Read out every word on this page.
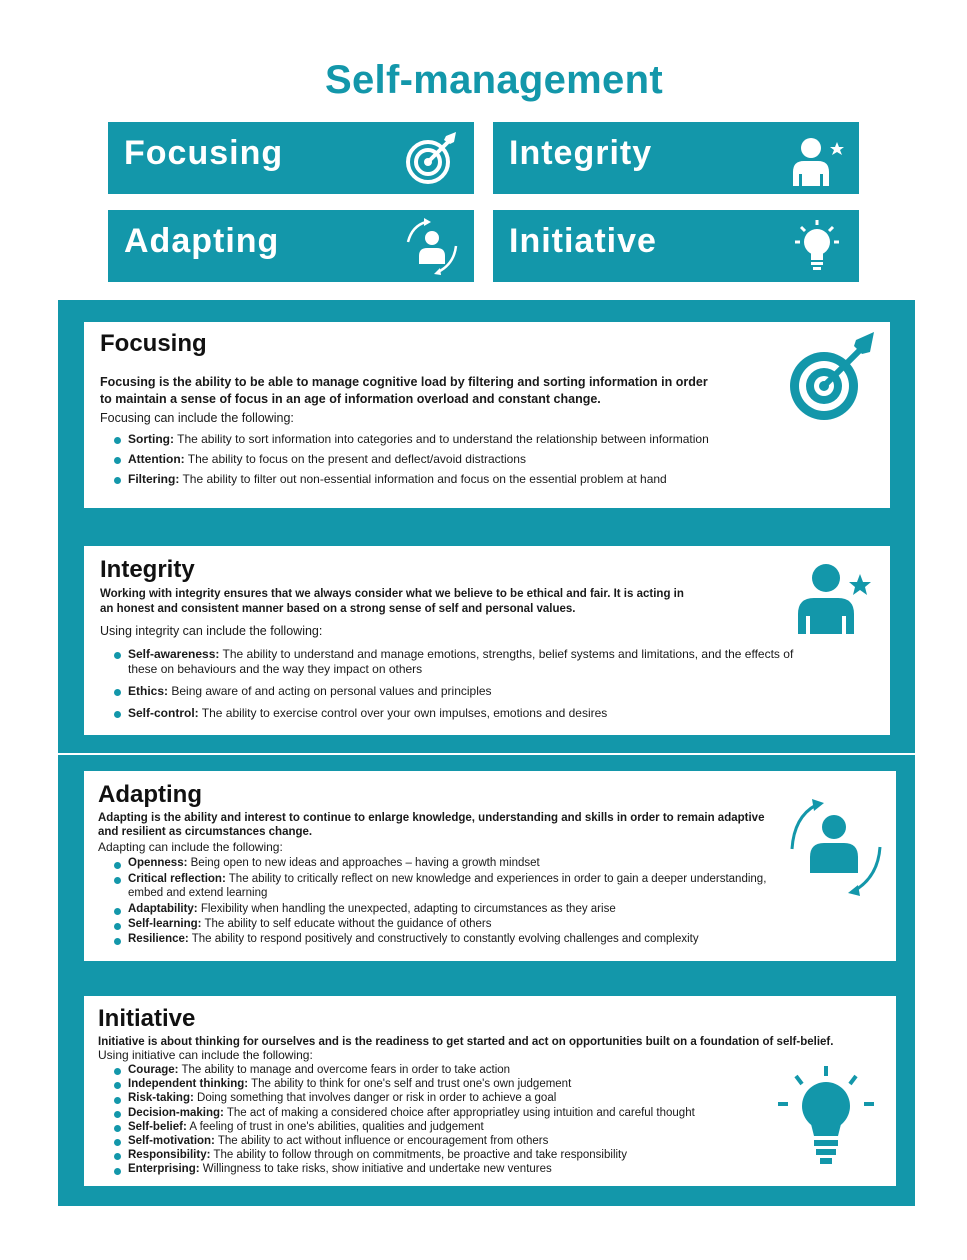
Self-management
Focusing	Integrity
Adapting	Initiative
Focusing

Focusing is the ability to be able to manage cognitive load by filtering and sorting information in order to maintain a sense of focus in an age of information overload and constant change.

Focusing can include the following:

Sorting: The ability to sort information into categories and to understand the relationship between information
Attention: The ability to focus on the present and deflect/avoid distractions
Filtering: The ability to filter out non-essential information and focus on the essential problem at hand
Integrity

Working with integrity ensures that we always consider what we believe to be ethical and fair. It is acting in an honest and consistent manner based on a strong sense of self and personal values.

Using integrity can include the following:

Self-awareness: The ability to understand and manage emotions, strengths, belief systems and limitations, and the effects of these on behaviours and the way they impact on others
Ethics: Being aware of and acting on personal values and principles
Self-control: The ability to exercise control over your own impulses, emotions and desires
Adapting

Adapting is the ability and interest to continue to enlarge knowledge, understanding and skills in order to remain adaptive and resilient as circumstances change.

Adapting can include the following:

Openness: Being open to new ideas and approaches – having a growth mindset
Critical reflection: The ability to critically reflect on new knowledge and experiences in order to gain a deeper understanding, embed and extend learning
Adaptability: Flexibility when handling the unexpected, adapting to circumstances as they arise
Self-learning: The ability to self educate without the guidance of others
Resilience: The ability to respond positively and constructively to constantly evolving challenges and complexity
Initiative

Initiative is about thinking for ourselves and is the readiness to get started and act on opportunities built on a foundation of self-belief.

Using initiative can include the following:

Courage: The ability to manage and overcome fears in order to take action
Independent thinking: The ability to think for one's self and trust one's own judgement
Risk-taking: Doing something that involves danger or risk in order to achieve a goal
Decision-making: The act of making a considered choice after appropriatley using intuition and careful thought
Self-belief: A feeling of trust in one's abilities, qualities and judgement
Self-motivation: The ability to act without influence or encouragement from others
Responsibility: The ability to follow through on commitments, be proactive and take responsibility
Enterprising: Willingness to take risks, show initiative and undertake new ventures
